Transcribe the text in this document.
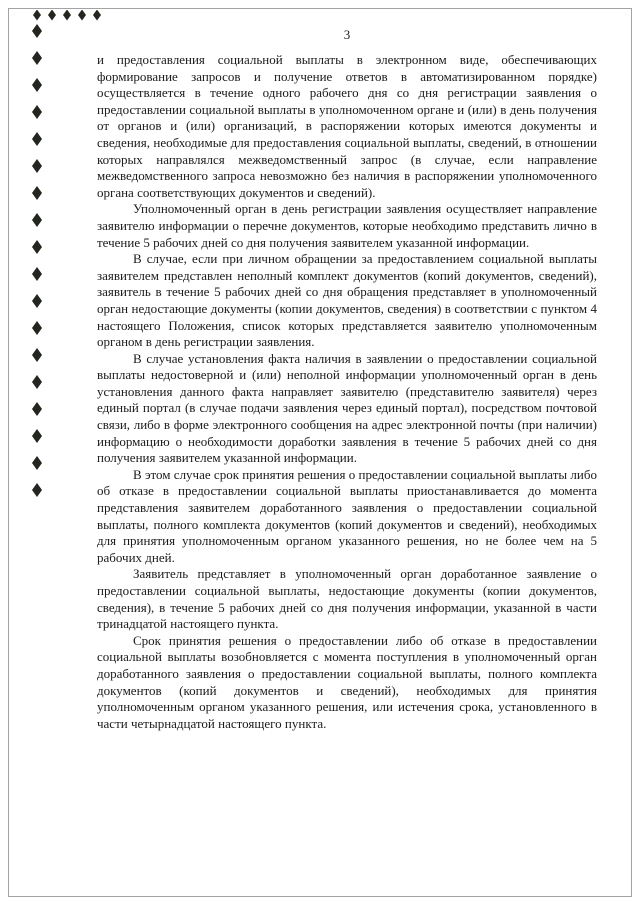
3

и предоставления социальной выплаты в электронном виде, обеспечивающих формирование запросов и получение ответов в автоматизированном порядке) осуществляется в течение одного рабочего дня со дня регистрации заявления о предоставлении социальной выплаты в уполномоченном органе и (или) в день получения от органов и (или) организаций, в распоряжении которых имеются документы и сведения, необходимые для предоставления социальной выплаты, сведений, в отношении которых направлялся межведомственный запрос (в случае, если направление межведомственного запроса невозможно без наличия в распоряжении уполномоченного органа соответствующих документов и сведений).

Уполномоченный орган в день регистрации заявления осуществляет направление заявителю информации о перечне документов, которые необходимо представить лично в течение 5 рабочих дней со дня получения заявителем указанной информации.

В случае, если при личном обращении за предоставлением социальной выплаты заявителем представлен неполный комплект документов (копий документов, сведений), заявитель в течение 5 рабочих дней со дня обращения представляет в уполномоченный орган недостающие документы (копии документов, сведения) в соответствии с пунктом 4 настоящего Положения, список которых представляется заявителю уполномоченным органом в день регистрации заявления.

В случае установления факта наличия в заявлении о предоставлении социальной выплаты недостоверной и (или) неполной информации уполномоченный орган в день установления данного факта направляет заявителю (представителю заявителя) через единый портал (в случае подачи заявления через единый портал), посредством почтовой связи, либо в форме электронного сообщения на адрес электронной почты (при наличии) информацию о необходимости доработки заявления в течение 5 рабочих дней со дня получения заявителем указанной информации.

В этом случае срок принятия решения о предоставлении социальной выплаты либо об отказе в предоставлении социальной выплаты приостанавливается до момента представления заявителем доработанного заявления о предоставлении социальной выплаты, полного комплекта документов (копий документов и сведений), необходимых для принятия уполномоченным органом указанного решения, но не более чем на 5 рабочих дней.

Заявитель представляет в уполномоченный орган доработанное заявление о предоставлении социальной выплаты, недостающие документы (копии документов, сведения), в течение 5 рабочих дней со дня получения информации, указанной в части тринадцатой настоящего пункта.

Срок принятия решения о предоставлении либо об отказе в предоставлении социальной выплаты возобновляется с момента поступления в уполномоченный орган доработанного заявления о предоставлении социальной выплаты, полного комплекта документов (копий документов и сведений), необходимых для принятия уполномоченным органом указанного решения, или истечения срока, установленного в части четырнадцатой настоящего пункта.
